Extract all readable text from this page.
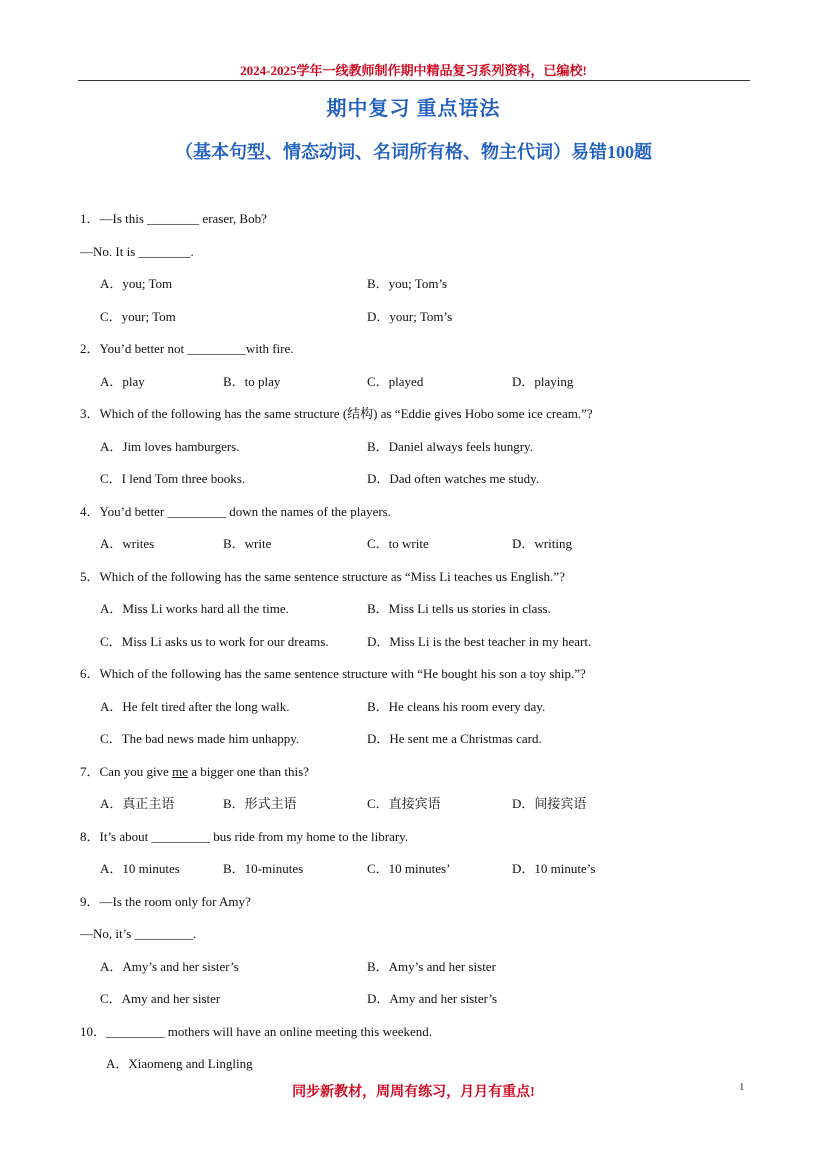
2024-2025学年一线教师制作期中精品复习系列资料，已编校!
期中复习 重点语法
（基本句型、情态动词、名词所有格、物主代词）易错100题
1．—Is this ________ eraser, Bob?
—No. It is ________.
A．you; Tom	B．you; Tom’s
C．your; Tom	D．your; Tom’s
2．You’d better not _________with fire.
A．play	B．to play	C．played	D．playing
3．Which of the following has the same structure (结构) as “Eddie gives Hobo some ice cream.”?
A．Jim loves hamburgers.	B．Daniel always feels hungry.
C．I lend Tom three books.	D．Dad often watches me study.
4．You’d better _________ down the names of the players.
A．writes	B．write	C．to write	D．writing
5．Which of the following has the same sentence structure as “Miss Li teaches us English.”?
A．Miss Li works hard all the time.	B．Miss Li tells us stories in class.
C．Miss Li asks us to work for our dreams.	D．Miss Li is the best teacher in my heart.
6．Which of the following has the same sentence structure with “He bought his son a toy ship.”?
A．He felt tired after the long walk.	B．He cleans his room every day.
C．The bad news made him unhappy.	D．He sent me a Christmas card.
7．Can you give me a bigger one than this?
A．真正主语	B．形式主语	C．直接宾语	D．间接宾语
8．It’s about _________ bus ride from my home to the library.
A．10 minutes	B．10-minutes	C．10 minutes’	D．10 minute’s
9．—Is the room only for Amy?
—No, it’s _________.
A．Amy’s and her sister’s	B．Amy’s and her sister
C．Amy and her sister	D．Amy and her sister’s
10．_________ mothers will have an online meeting this weekend.
A．Xiaomeng and Lingling
同步新教材，周周有练习，月月有重点!	1
